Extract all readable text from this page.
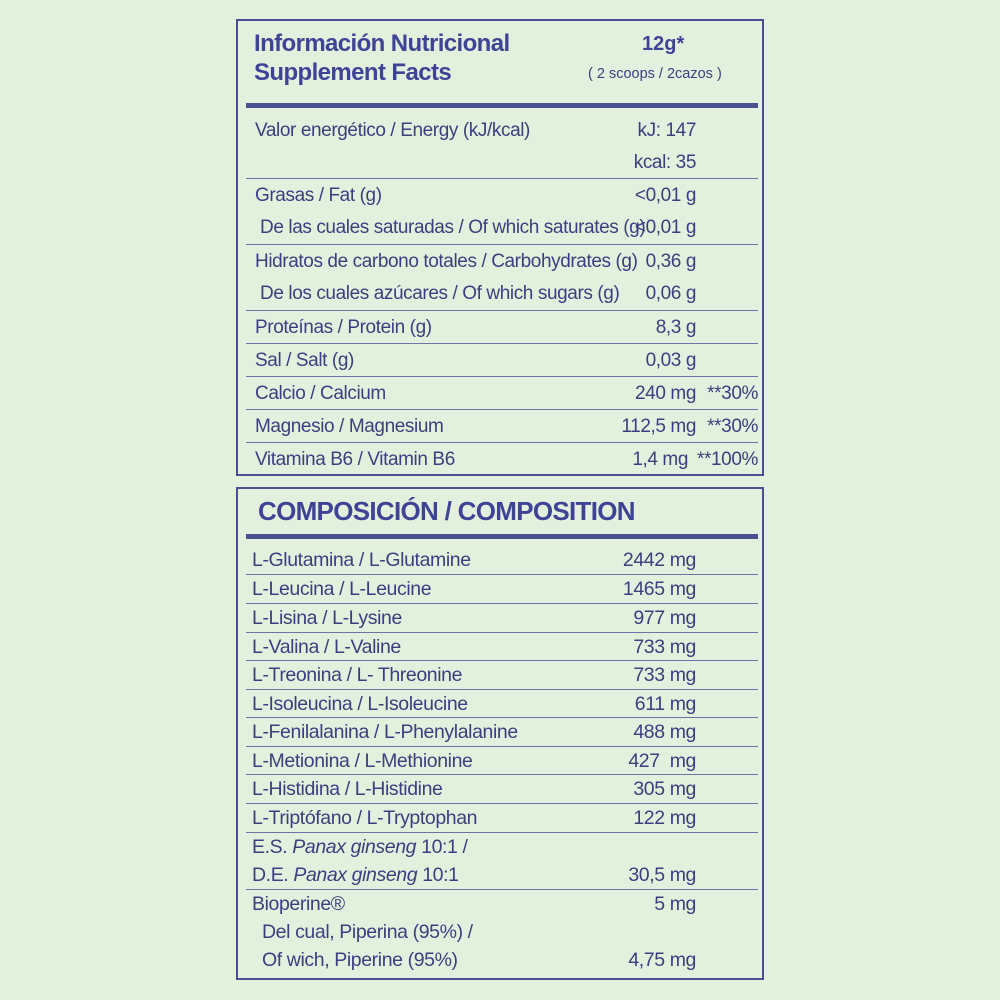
Información Nutricional
Supplement Facts
12g*
( 2 scoops / 2cazos )
Valor energético / Energy (kJ/kcal)	kJ: 147
kcal: 35
Grasas / Fat (g)	<0,01 g
De las cuales saturadas / Of which saturates (g)
<0,01 g
Hidratos de carbono totales / Carbohydrates (g) 0,36 g
De los cuales azúcares / Of which sugars (g) 0,06 g
Proteínas / Protein (g)	8,3 g
Sal / Salt (g)	0,03 g
Calcio / Calcium	240 mg **30%
Magnesio / Magnesium	112,5 mg **30%
Vitamina B6 / Vitamin B6	1,4 mg **100%
COMPOSICIÓN / COMPOSITION
L-Glutamina / L-Glutamine	2442 mg
L-Leucina / L-Leucine	1465 mg
L-Lisina / L-Lysine	977 mg
L-Valina / L-Valine	733 mg
L-Treonina / L- Threonine	733 mg
L-Isoleucina / L-Isoleucine	611 mg
L-Fenilalanina / L-Phenylalanine	488 mg
L-Metionina / L-Methionine	427  mg
L-Histidina / L-Histidine	305 mg
L-Triptófano / L-Tryptophan	122 mg
E.S. Panax ginseng 10:1 /
D.E. Panax ginseng 10:1	30,5 mg
Bioperine®	5 mg
Del cual, Piperina (95%) /
Of wich, Piperine (95%)	4,75 mg
